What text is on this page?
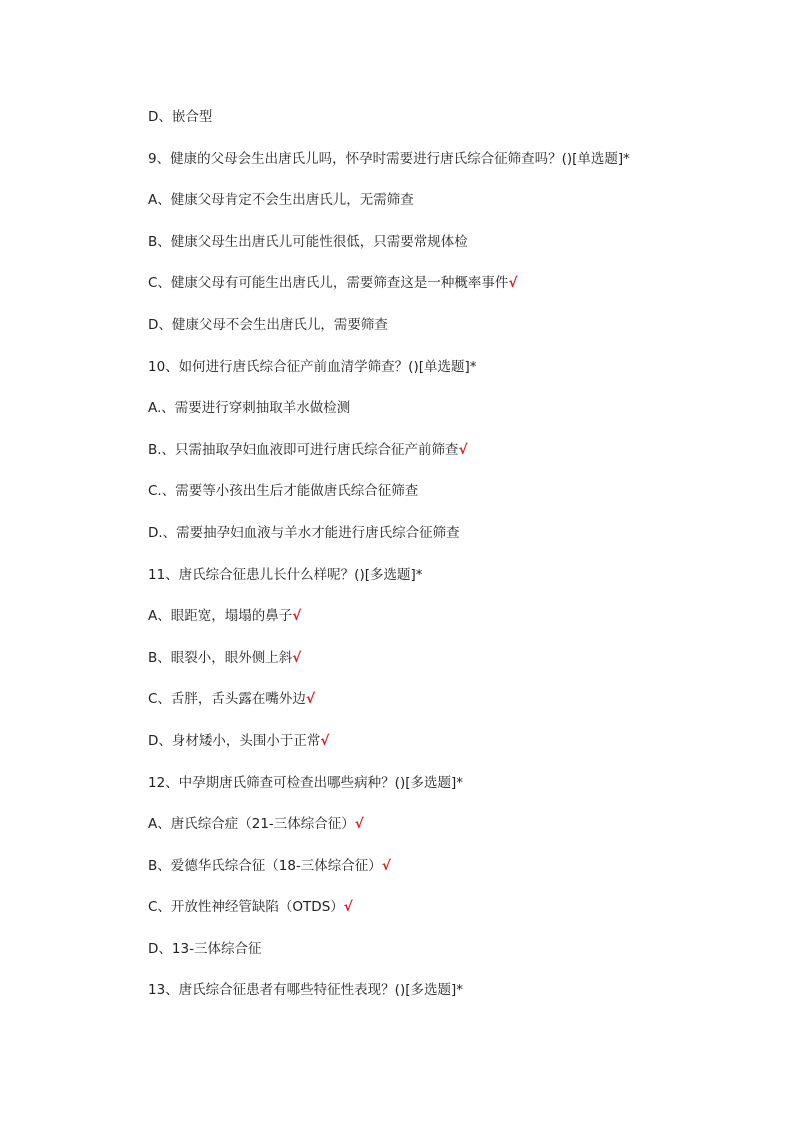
D、嵌合型
9、健康的父母会生出唐氏儿吗，怀孕时需要进行唐氏综合征筛查吗？()[单选题]*
A、健康父母肯定不会生出唐氏儿，无需筛查
B、健康父母生出唐氏儿可能性很低，只需要常规体检
C、健康父母有可能生出唐氏儿，需要筛查这是一种概率事件√
D、健康父母不会生出唐氏儿，需要筛查
10、如何进行唐氏综合征产前血清学筛查？()[单选题]*
A.、需要进行穿刺抽取羊水做检测
B.、只需抽取孕妇血液即可进行唐氏综合征产前筛查√
C.、需要等小孩出生后才能做唐氏综合征筛查
D.、需要抽孕妇血液与羊水才能进行唐氏综合征筛查
11、唐氏综合征患儿长什么样呢？()[多选题]*
A、眼距宽，塌塌的鼻子√
B、眼裂小，眼外侧上斜√
C、舌胖，舌头露在嘴外边√
D、身材矮小，头围小于正常√
12、中孕期唐氏筛查可检查出哪些病种？()[多选题]*
A、唐氏综合症（21-三体综合征）√
B、爱德华氏综合征（18-三体综合征）√
C、开放性神经管缺陷（OTDS）√
D、13-三体综合征
13、唐氏综合征患者有哪些特征性表现？()[多选题]*
